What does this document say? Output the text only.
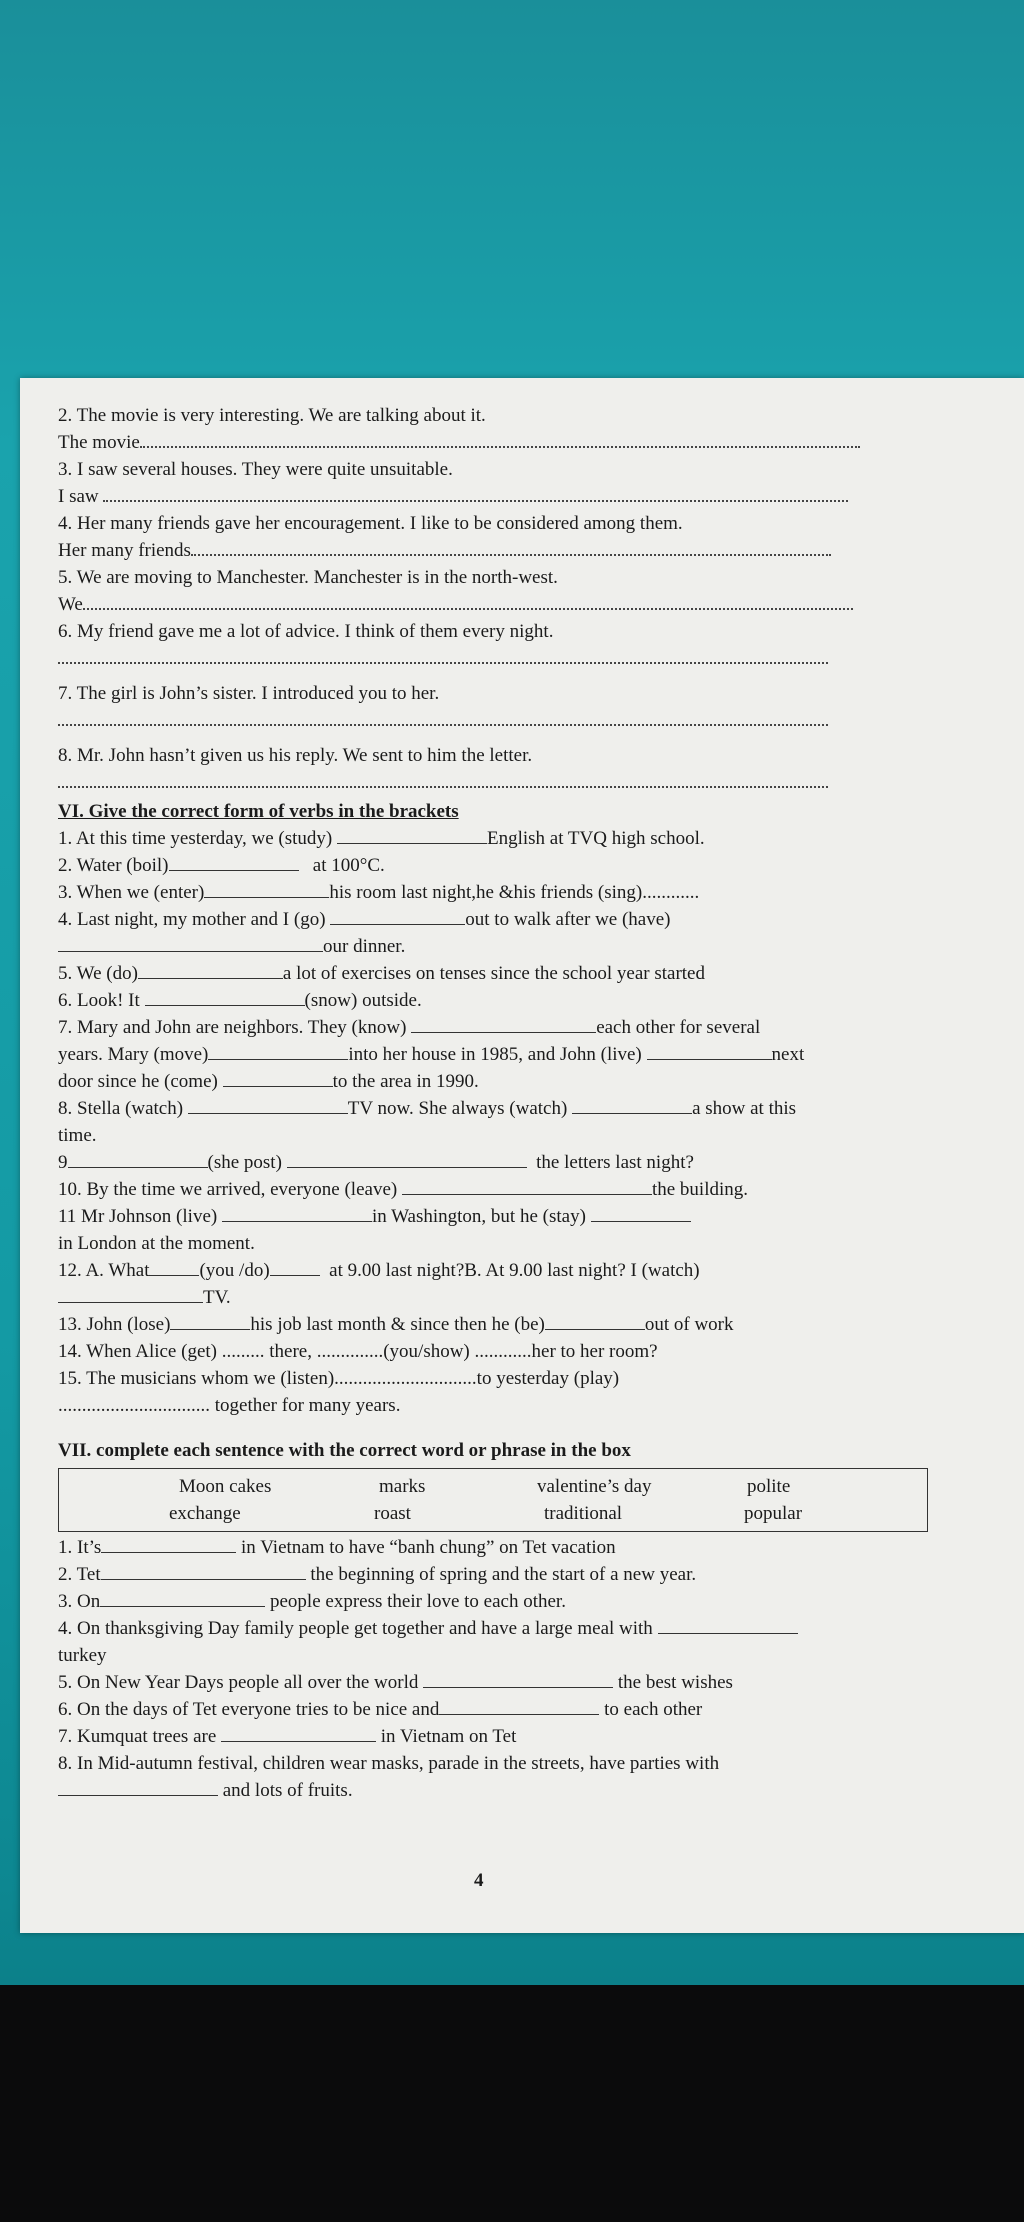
2. The movie is very interesting. We are talking about it.
The movie
3. I saw several houses. They were quite unsuitable.
I saw
4. Her many friends gave her encouragement. I like to be considered among them.
Her many friends
5. We are moving to Manchester. Manchester is in the north-west.
We
6. My friend gave me a lot of advice. I think of them every night.
7. The girl is John’s sister. I introduced you to her.
8. Mr. John hasn’t given us his reply. We sent to him the letter.
VI. Give the correct form of verbs in the brackets
1. At this time yesterday, we (study)	English at TVQ high school.
2. Water (boil)	at 100°C.
3. When we (enter)	his room last night,he &his friends (sing)............
4. Last night, my mother and I (go)	out to walk after we (have)
our dinner.
5. We (do)	a lot of exercises on tenses since the school year started
6. Look! It	(snow) outside.
7. Mary and John are neighbors. They (know)	each other for several
years. Mary (move)	into her house in 1985, and John (live)	next
door since he (come)	to the area in 1990.
8. Stella (watch)	TV now. She always (watch)	a show at this
time.
9	(she post)	the letters last night?
10. By the time we arrived, everyone (leave)	the building.
11 Mr Johnson (live)	in Washington, but he (stay)
in London at the moment.
12. A. What	(you /do)	at 9.00 last night?B. At 9.00 last night? I (watch)
TV.
13. John (lose)	his job last month & since then he (be)	out of work
14. When Alice (get) ......... there, ..............(you/show) ............her to her room?
15. The musicians whom we (listen)..............................to yesterday (play)
................................ together for many years.
VII. complete each sentence with the correct word or phrase in the box
Moon cakes	marks	valentine’s day	polite
exchange	roast	traditional	popular
1. It’s	in Vietnam to have “banh chung” on Tet vacation
2. Tet	the beginning of spring and the start of a new year.
3. On	people express their love to each other.
4. On thanksgiving Day family people get together and have a large meal with
turkey
5. On New Year Days people all over the world	the best wishes
6. On the days of Tet everyone tries to be nice and	to each other
7. Kumquat trees are	in Vietnam on Tet
8. In Mid-autumn festival, children wear masks, parade in the streets, have parties with
and lots of fruits.
4
